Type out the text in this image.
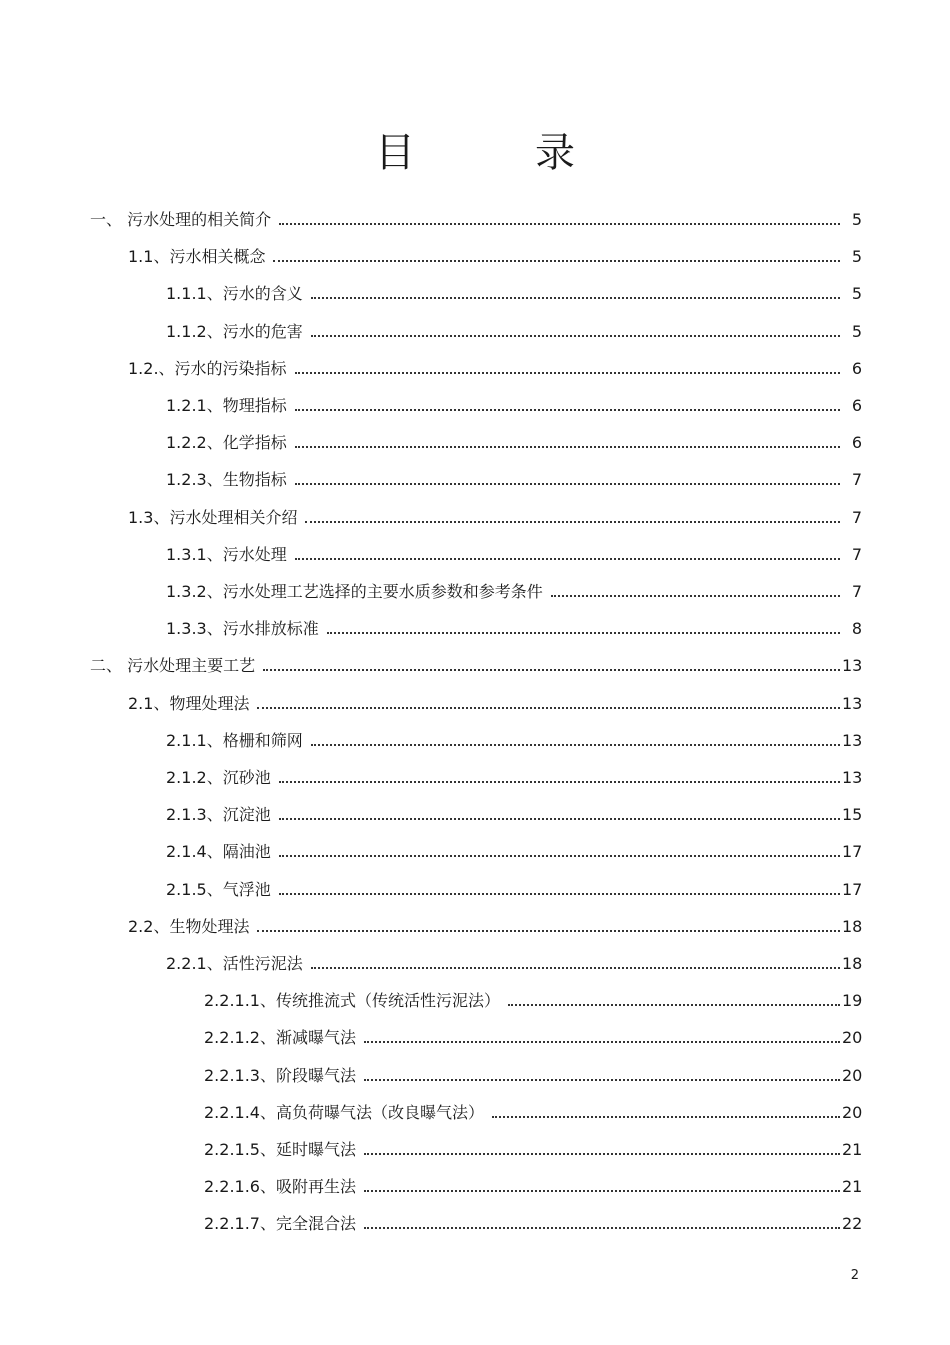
目	录
一、 污水处理的相关简介	5
1.1、污水相关概念	5
1.1.1、污水的含义	5
1.1.2、污水的危害	5
1.2.、污水的污染指标	6
1.2.1、物理指标	6
1.2.2、化学指标	6
1.2.3、生物指标	7
1.3、污水处理相关介绍	7
1.3.1、污水处理	7
1.3.2、污水处理工艺选择的主要水质参数和参考条件	7
1.3.3、污水排放标准	8
二、 污水处理主要工艺	13
2.1、物理处理法	13
2.1.1、格栅和筛网	13
2.1.2、沉砂池	13
2.1.3、沉淀池	15
2.1.4、隔油池	17
2.1.5、气浮池	17
2.2、生物处理法	18
2.2.1、活性污泥法	18
2.2.1.1、传统推流式（传统活性污泥法）	19
2.2.1.2、渐减曝气法	20
2.2.1.3、阶段曝气法	20
2.2.1.4、高负荷曝气法（改良曝气法）	20
2.2.1.5、延时曝气法	21
2.2.1.6、吸附再生法	21
2.2.1.7、完全混合法	22
2
